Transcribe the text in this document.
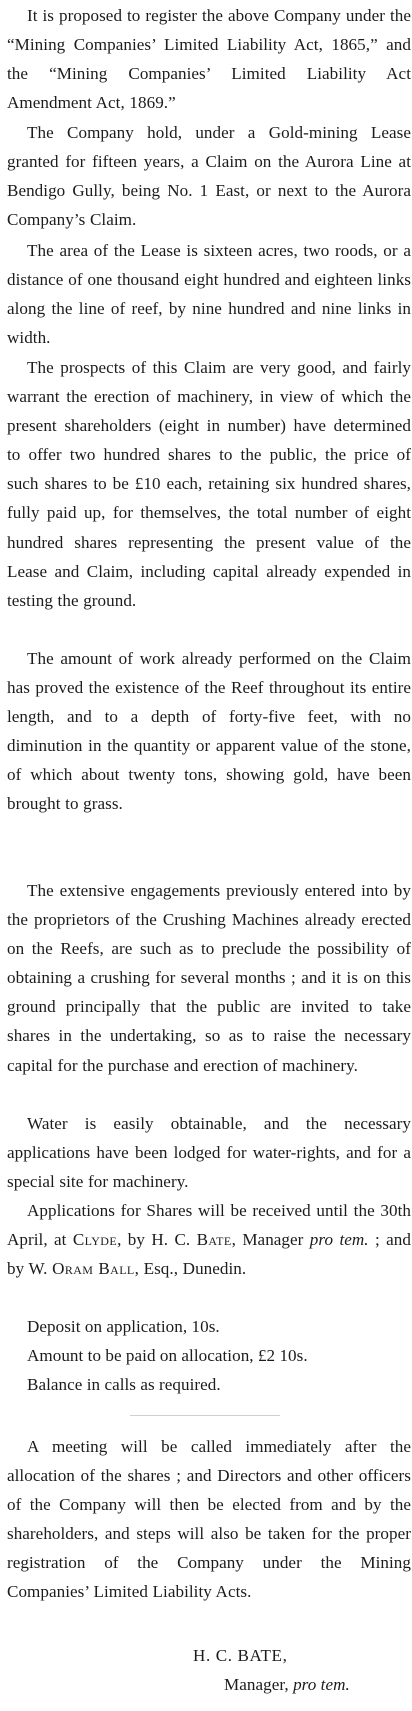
It is proposed to register the above Company under the “Mining Companies’ Limited Liability Act, 1865,” and the “Mining Companies’ Limited Liability Act Amendment Act, 1869.”

The Company hold, under a Gold-mining Lease granted for fifteen years, a Claim on the Aurora Line at Bendigo Gully, being No. 1 East, or next to the Aurora Company’s Claim.

The area of the Lease is sixteen acres, two roods, or a distance of one thousand eight hundred and eighteen links along the line of reef, by nine hundred and nine links in width.

The prospects of this Claim are very good, and fairly warrant the erection of machinery, in view of which the present shareholders (eight in number) have determined to offer two hundred shares to the public, the price of such shares to be £10 each, retaining six hundred shares, fully paid up, for themselves, the total number of eight hundred shares representing the present value of the Lease and Claim, including capital already expended in testing the ground.

The amount of work already performed on the Claim has proved the existence of the Reef throughout its entire length, and to a depth of forty-five feet, with no diminution in the quantity or apparent value of the stone, of which about twenty tons, showing gold, have been brought to grass.

The extensive engagements previously entered into by the proprietors of the Crushing Machines already erected on the Reefs, are such as to preclude the possibility of obtaining a crushing for several months ; and it is on this ground principally that the public are invited to take shares in the undertaking, so as to raise the necessary capital for the purchase and erection of machinery.

Water is easily obtainable, and the necessary applications have been lodged for water-rights, and for a special site for machinery.

Applications for Shares will be received until the 30th April, at Clyde, by H. C. Bate, Manager pro tem. ; and by W. Oram Ball, Esq., Dunedin.

Deposit on application, 10s.

Amount to be paid on allocation, £2 10s.

Balance in calls as required.

A meeting will be called immediately after the allocation of the shares ; and Directors and other officers of the Company will then be elected from and by the shareholders, and steps will also be taken for the proper registration of the Company under the Mining Companies’ Limited Liability Acts.

H. C. BATE,

Manager, pro tem.
